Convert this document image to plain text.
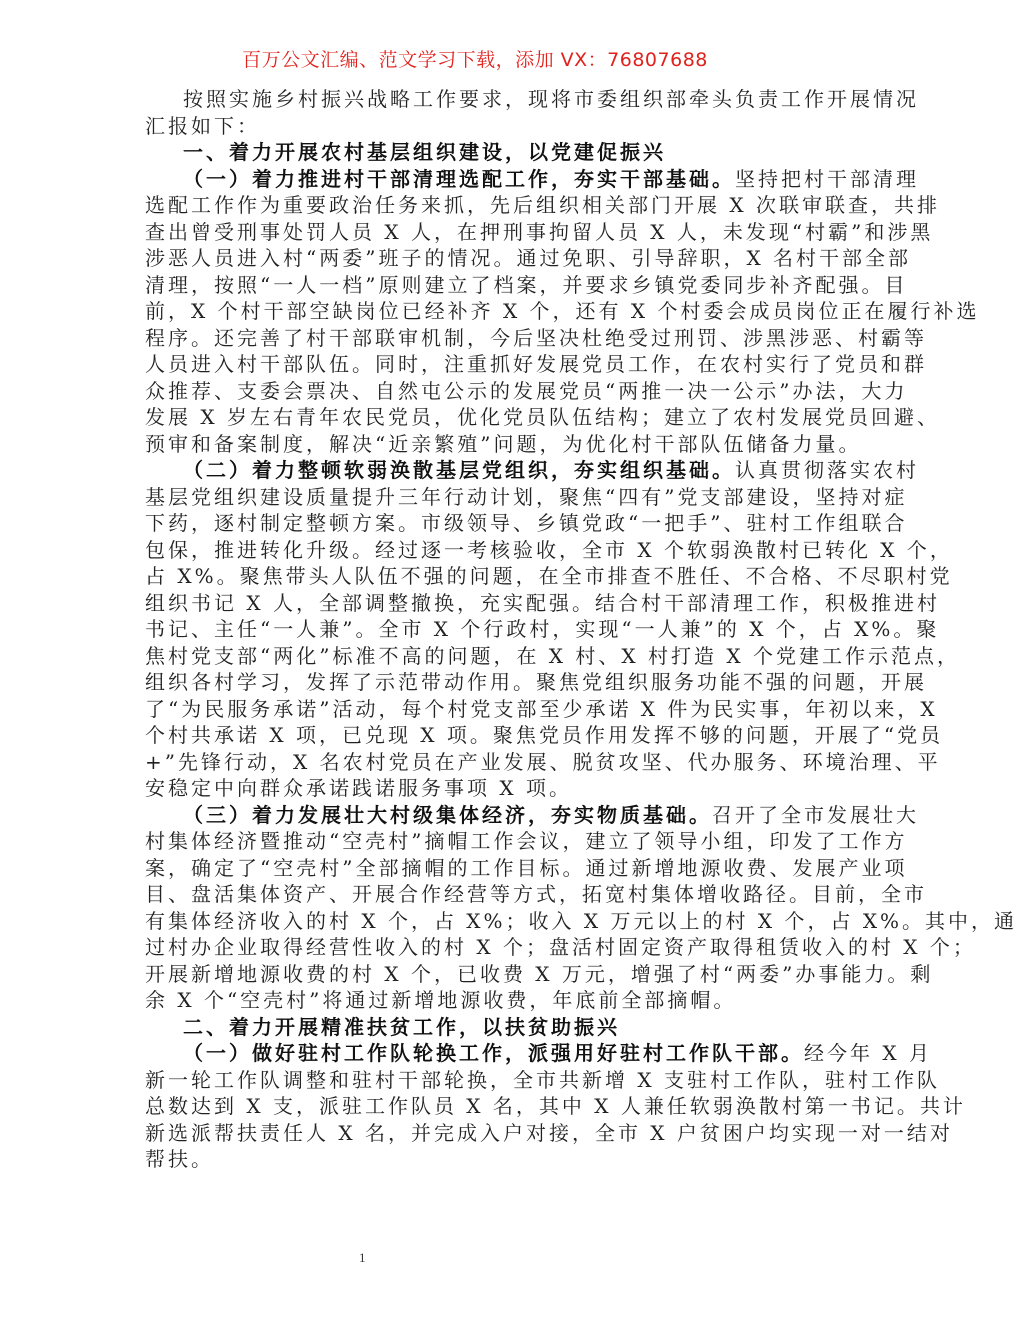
百万公文汇编、范文学习下载，添加 VX：76807688
按照实施乡村振兴战略工作要求，现将市委组织部牵头负责工作开展情况
汇报如下：
一、着力开展农村基层组织建设，以党建促振兴
（一）着力推进村干部清理选配工作，夯实干部基础。坚持把村干部清理
选配工作作为重要政治任务来抓，先后组织相关部门开展 X 次联审联查，共排
查出曾受刑事处罚人员 X 人，在押刑事拘留人员 X 人，未发现“村霸”和涉黑
涉恶人员进入村“两委”班子的情况。通过免职、引导辞职，X 名村干部全部
清理，按照“一人一档”原则建立了档案，并要求乡镇党委同步补齐配强。目
前，X 个村干部空缺岗位已经补齐 X 个，还有 X 个村委会成员岗位正在履行补选
程序。还完善了村干部联审机制，今后坚决杜绝受过刑罚、涉黑涉恶、村霸等
人员进入村干部队伍。同时，注重抓好发展党员工作，在农村实行了党员和群
众推荐、支委会票决、自然屯公示的发展党员“两推一决一公示”办法，大力
发展 X 岁左右青年农民党员，优化党员队伍结构；建立了农村发展党员回避、
预审和备案制度，解决“近亲繁殖”问题，为优化村干部队伍储备力量。
（二）着力整顿软弱涣散基层党组织，夯实组织基础。认真贯彻落实农村
基层党组织建设质量提升三年行动计划，聚焦“四有”党支部建设，坚持对症
下药，逐村制定整顿方案。市级领导、乡镇党政“一把手”、驻村工作组联合
包保，推进转化升级。经过逐一考核验收，全市 X 个软弱涣散村已转化 X 个，
占 X%。聚焦带头人队伍不强的问题，在全市排查不胜任、不合格、不尽职村党
组织书记 X 人，全部调整撤换，充实配强。结合村干部清理工作，积极推进村
书记、主任“一人兼”。全市 X 个行政村，实现“一人兼”的 X 个，占 X%。聚
焦村党支部“两化”标准不高的问题，在 X 村、X 村打造 X 个党建工作示范点，
组织各村学习，发挥了示范带动作用。聚焦党组织服务功能不强的问题，开展
了“为民服务承诺”活动，每个村党支部至少承诺 X 件为民实事，年初以来，X
个村共承诺 X 项，已兑现 X 项。聚焦党员作用发挥不够的问题，开展了“党员
+”先锋行动，X 名农村党员在产业发展、脱贫攻坚、代办服务、环境治理、平
安稳定中向群众承诺践诺服务事项 X 项。
（三）着力发展壮大村级集体经济，夯实物质基础。召开了全市发展壮大
村集体经济暨推动“空壳村”摘帽工作会议，建立了领导小组，印发了工作方
案，确定了“空壳村”全部摘帽的工作目标。通过新增地源收费、发展产业项
目、盘活集体资产、开展合作经营等方式，拓宽村集体增收路径。目前，全市
有集体经济收入的村 X 个，占 X%；收入 X 万元以上的村 X 个，占 X%。其中，通
过村办企业取得经营性收入的村 X 个；盘活村固定资产取得租赁收入的村 X 个；
开展新增地源收费的村 X 个，已收费 X 万元，增强了村“两委”办事能力。剩
余 X 个“空壳村”将通过新增地源收费，年底前全部摘帽。
二、着力开展精准扶贫工作，以扶贫助振兴
（一）做好驻村工作队轮换工作，派强用好驻村工作队干部。经今年 X 月
新一轮工作队调整和驻村干部轮换，全市共新增 X 支驻村工作队，驻村工作队
总数达到 X 支，派驻工作队员 X 名，其中 X 人兼任软弱涣散村第一书记。共计
新选派帮扶责任人 X 名，并完成入户对接，全市 X 户贫困户均实现一对一结对
帮扶。
1
